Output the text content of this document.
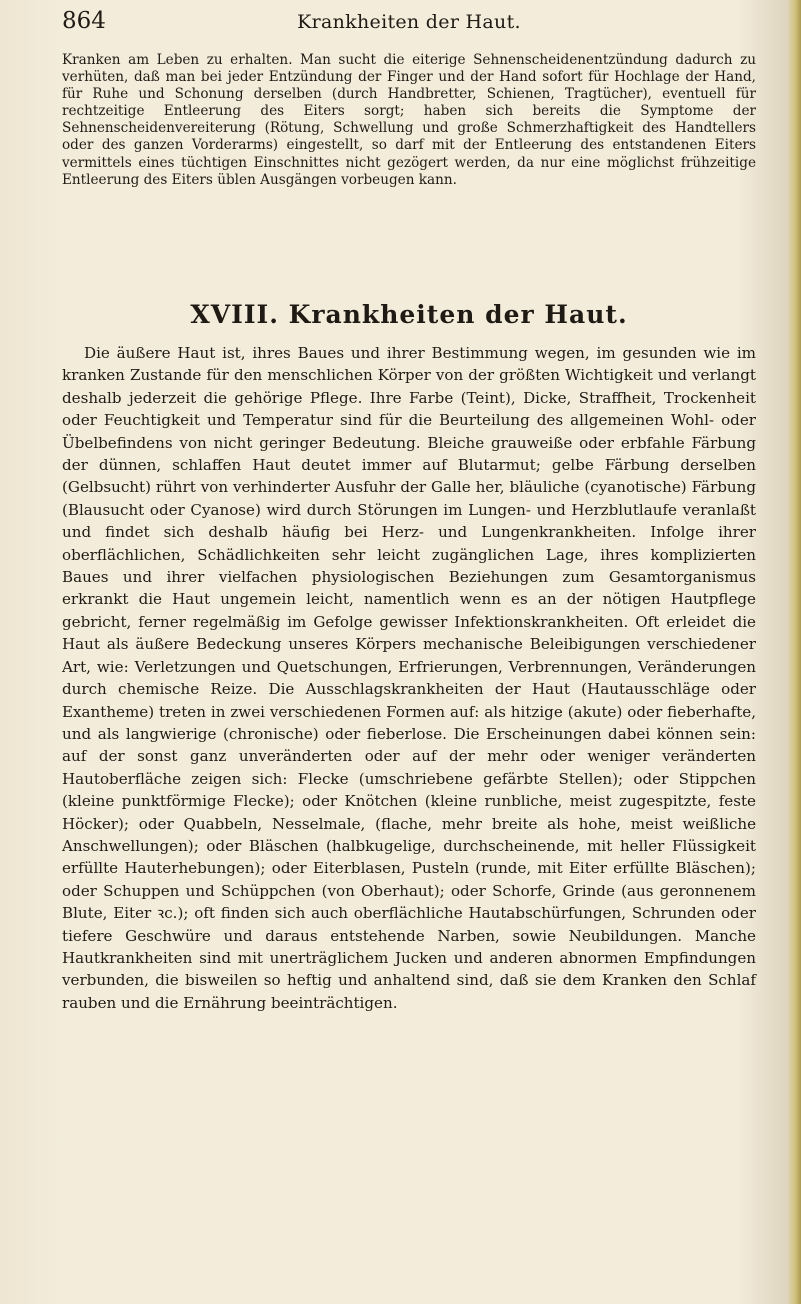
864	Krankheiten der Haut.
Kranken am Leben zu erhalten. Man sucht die eiterige Sehnenscheidenentzündung dadurch zu verhüten, daß man bei jeder Entzündung der Finger und der Hand sofort für Hochlage der Hand, für Ruhe und Schonung derselben (durch Handbretter, Schienen, Tragtücher), eventuell für rechtzeitige Entleerung des Eiters sorgt; haben sich bereits die Symptome der Sehnenscheidenvereiterung (Rötung, Schwellung und große Schmerzhaftigkeit des Handtellers oder des ganzen Vorderarms) eingestellt, so darf mit der Entleerung des entstandenen Eiters vermittels eines tüchtigen Einschnittes nicht gezögert werden, da nur eine möglichst frühzeitige Entleerung des Eiters üblen Ausgängen vorbeugen kann.
XVIII. Krankheiten der Haut.

Die äußere Haut ist, ihres Baues und ihrer Bestimmung wegen, im gesunden wie im kranken Zustande für den menschlichen Körper von der größten Wichtigkeit und verlangt deshalb jederzeit die gehörige Pflege. Ihre Farbe (Teint), Dicke, Straffheit, Trockenheit oder Feuchtigkeit und Temperatur sind für die Beurteilung des allgemeinen Wohl- oder Übelbefindens von nicht geringer Bedeutung. Bleiche grauweiße oder erbfahle Färbung der dünnen, schlaffen Haut deutet immer auf Blutarmut; gelbe Färbung derselben (Gelbsucht) rührt von verhinderter Ausfuhr der Galle her, bläuliche (cyanotische) Färbung (Blausucht oder Cyanose) wird durch Störungen im Lungen- und Herzblutlaufe veranlaßt und findet sich deshalb häufig bei Herz- und Lungenkrankheiten. Infolge ihrer oberflächlichen, Schädlichkeiten sehr leicht zugänglichen Lage, ihres komplizierten Baues und ihrer vielfachen physiologischen Beziehungen zum Gesamtorganismus erkrankt die Haut ungemein leicht, namentlich wenn es an der nötigen Hautpflege gebricht, ferner regelmäßig im Gefolge gewisser Infektionskrankheiten. Oft erleidet die Haut als äußere Bedeckung unseres Körpers mechanische Beleibigungen verschiedener Art, wie: Verletzungen und Quetschungen, Erfrierungen, Verbrennungen, Veränderungen durch chemische Reize. Die Ausschlagskrankheiten der Haut (Hautausschläge oder Exantheme) treten in zwei verschiedenen Formen auf: als hitzige (akute) oder fieberhafte, und als langwierige (chronische) oder fieberlose. Die Erscheinungen dabei können sein: auf der sonst ganz unveränderten oder auf der mehr oder weniger veränderten Hautoberfläche zeigen sich: Flecke (umschriebene gefärbte Stellen); oder Stippchen (kleine punktförmige Flecke); oder Knötchen (kleine runbliche, meist zugespitzte, feste Höcker); oder Quabbeln, Nesselmale, (flache, mehr breite als hohe, meist weißliche Anschwellungen); oder Bläschen (halbkugelige, durchscheinende, mit heller Flüssigkeit erfüllte Hauterhebungen); oder Eiterblasen, Pusteln (runde, mit Eiter erfüllte Bläschen); oder Schuppen und Schüppchen (von Oberhaut); oder Schorfe, Grinde (aus geronnenem Blute, Eiter ꝛc.); oft finden sich auch oberflächliche Hautabschürfungen, Schrunden oder tiefere Geschwüre und daraus entstehende Narben, sowie Neubildungen. Manche Hautkrankheiten sind mit unerträglichem Jucken und anderen abnormen Empfindungen verbunden, die bisweilen so heftig und anhaltend sind, daß sie dem Kranken den Schlaf rauben und die Ernährung beeinträchtigen.
